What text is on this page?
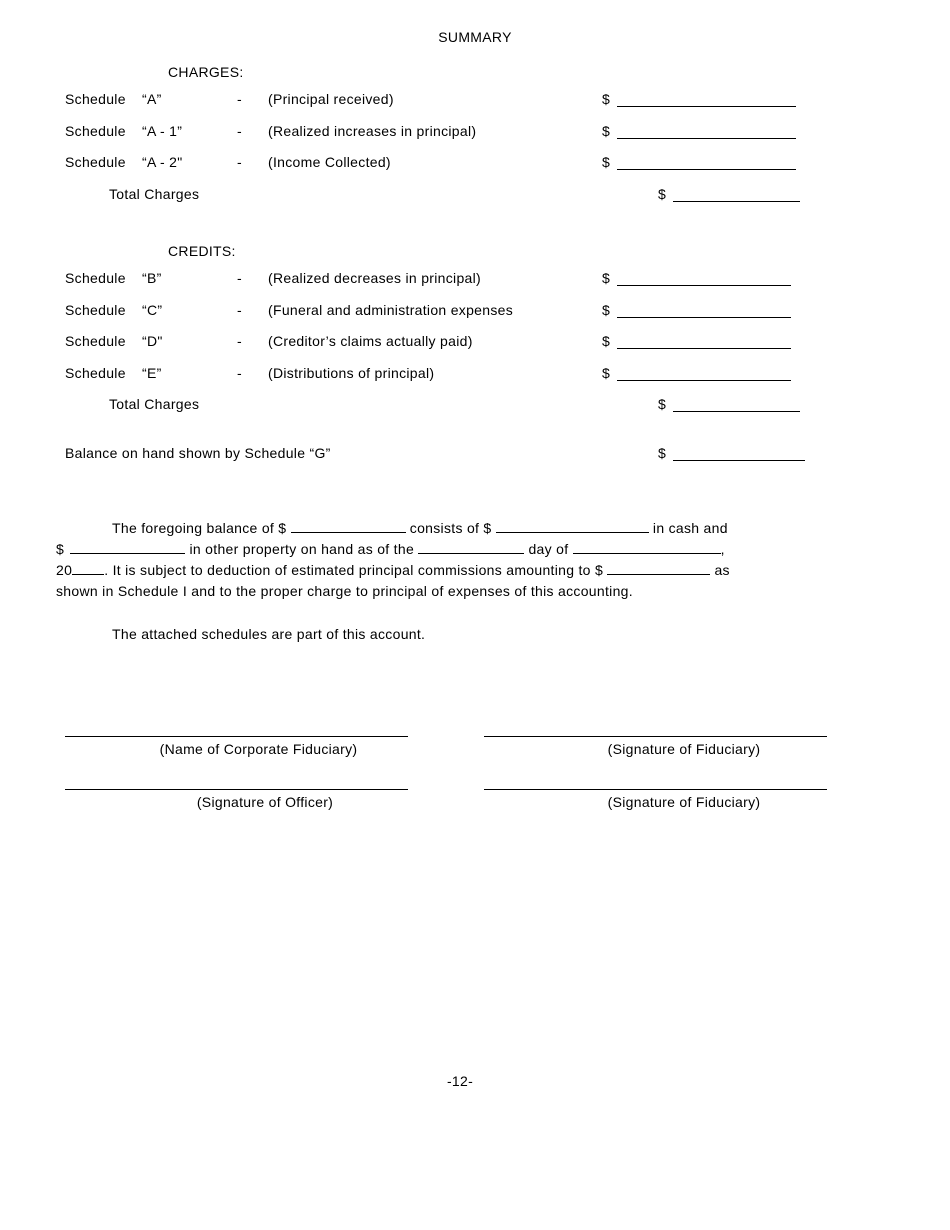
SUMMARY
CHARGES:
Schedule “A”	- (Principal received)	$
Schedule “A - 1”	- (Realized increases in principal)	$
Schedule “A - 2"	- (Income Collected)	$
Total Charges	$
CREDITS:
Schedule “B”	- (Realized decreases in principal)	$
Schedule “C”	- (Funeral and administration expenses	$
Schedule “D"	- (Creditor’s claims actually paid)	$
Schedule “E”	- (Distributions of principal)	$
Total Charges	$
Balance on hand shown by Schedule “G”	$
The foregoing balance of $	consists of $	in cash and
$	in other property on hand as of the	day of	,
20 . It is subject to deduction of estimated principal commissions amounting to $	as
shown in Schedule I and to the proper charge to principal of expenses of this accounting.
The attached schedules are part of this account.
(Name of Corporate Fiduciary)	(Signature of Fiduciary)
(Signature of Officer)	(Signature of Fiduciary)
-12-
